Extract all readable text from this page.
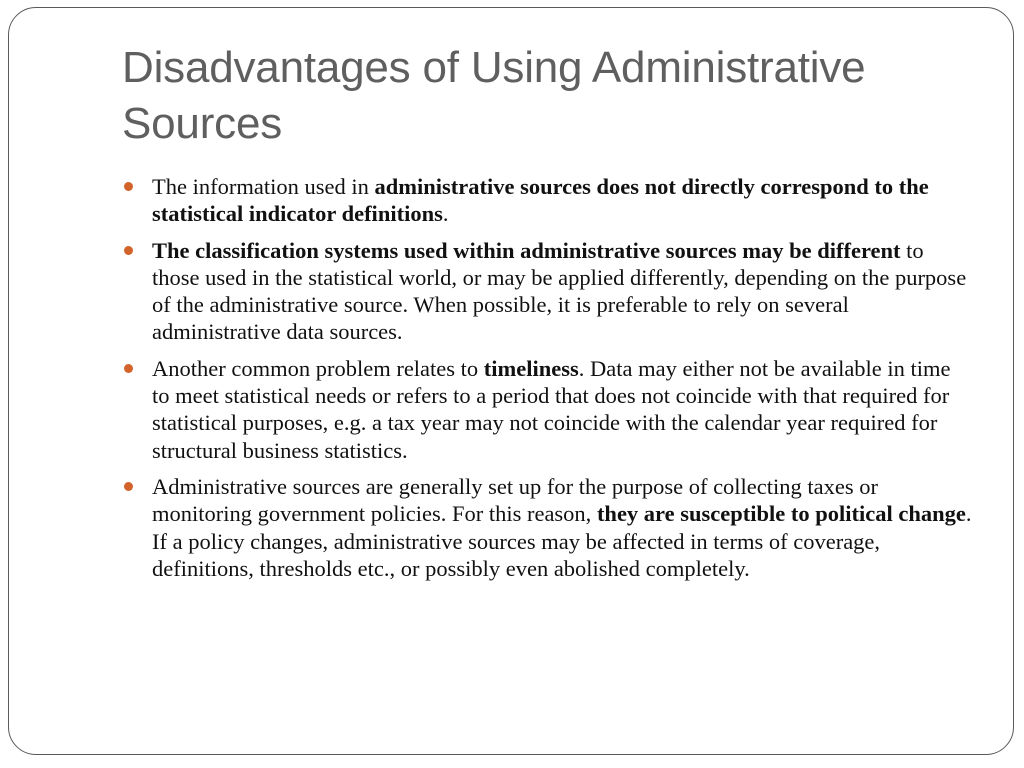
Disadvantages of Using Administrative Sources
The information used in administrative sources does not directly correspond to the statistical indicator definitions.
The classification systems used within administrative sources may be different to those used in the statistical world, or may be applied differently, depending on the purpose of the administrative source. When possible, it is preferable to rely on several administrative data sources.
Another common problem relates to timeliness. Data may either not be available in time to meet statistical needs or refers to a period that does not coincide with that required for statistical purposes, e.g. a tax year may not coincide with the calendar year required for structural business statistics.
Administrative sources are generally set up for the purpose of collecting taxes or monitoring government policies. For this reason, they are susceptible to political change. If a policy changes, administrative sources may be affected in terms of coverage, definitions, thresholds etc., or possibly even abolished completely.
